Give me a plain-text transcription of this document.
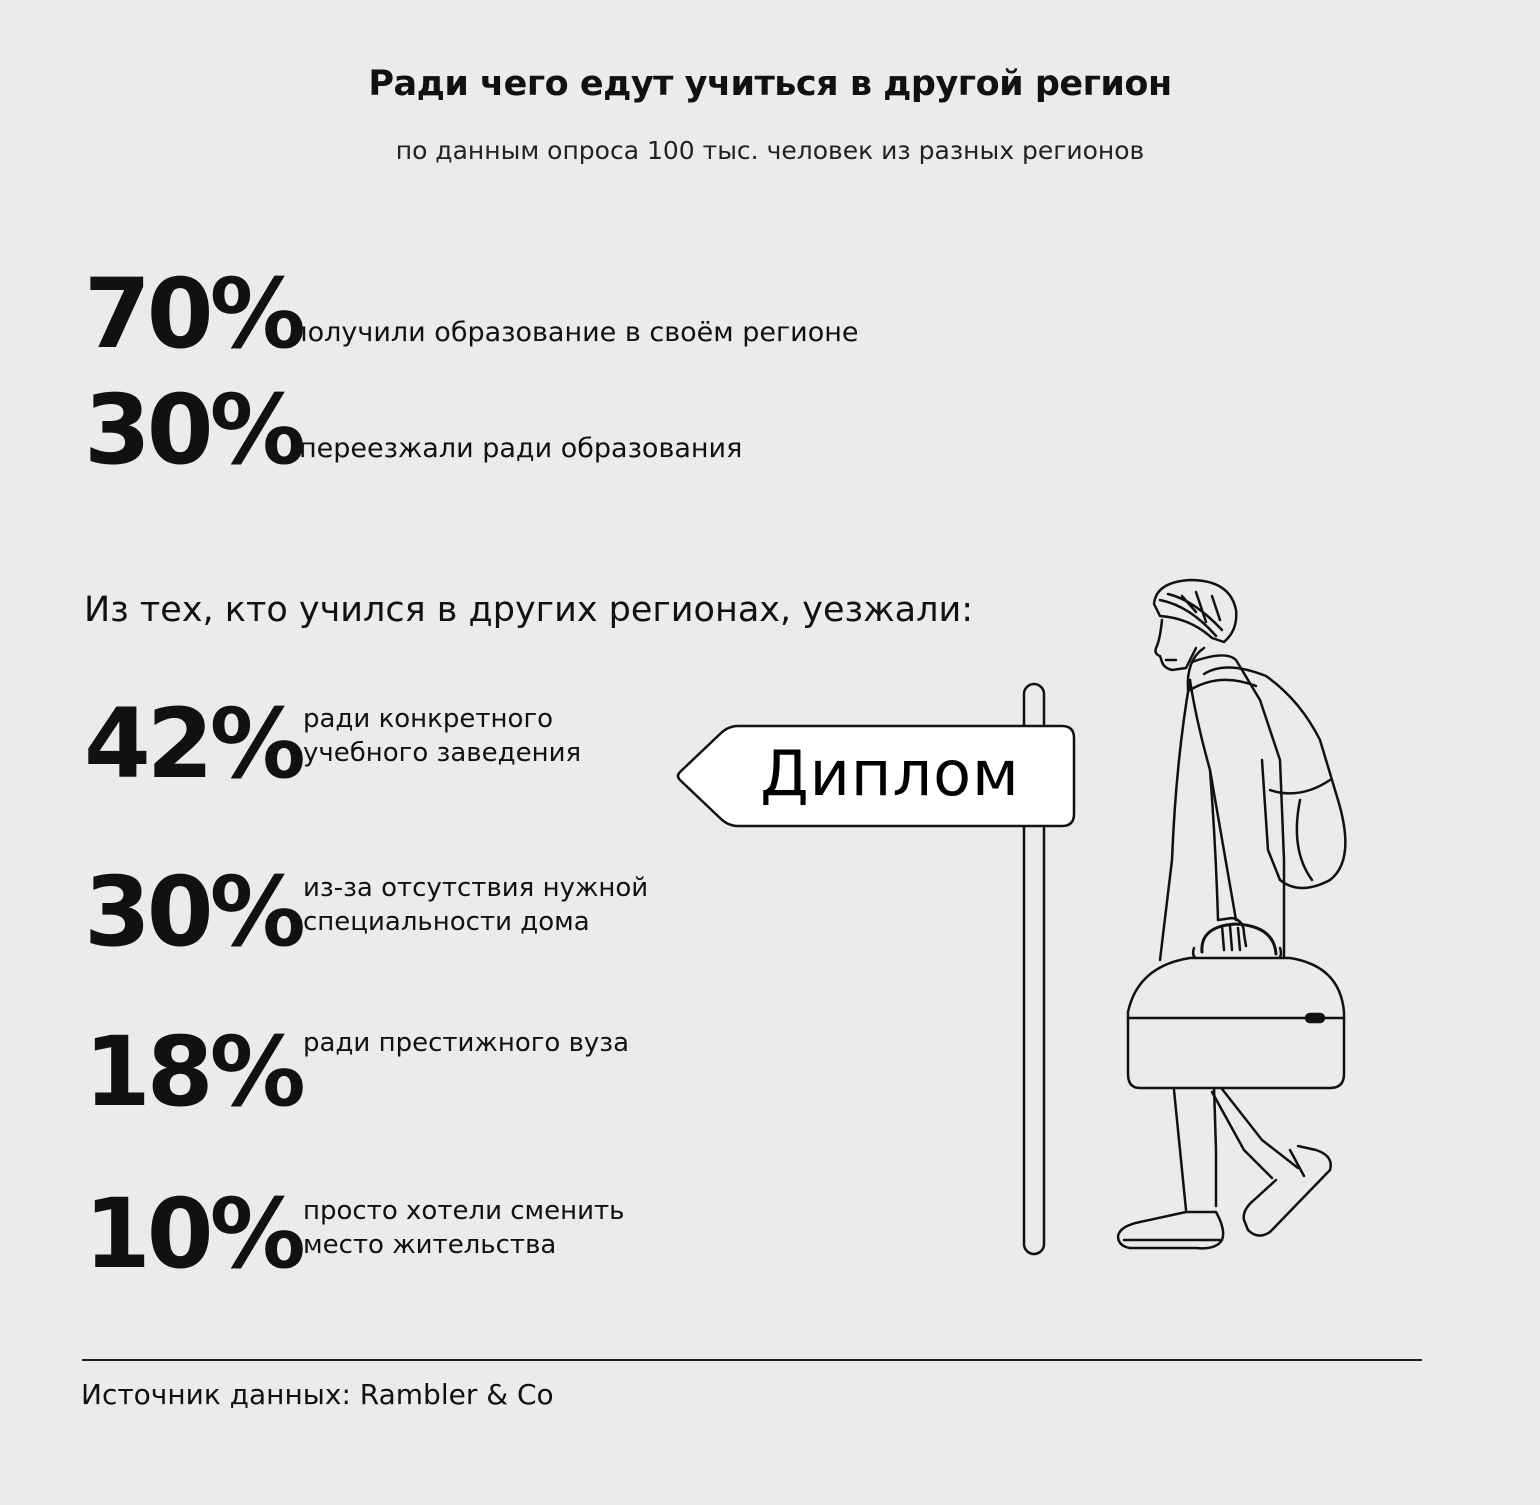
Ради чего едут учиться в другой регион
по данным опроса 100 тыс. человек из разных регионов
70%
получили образование в своём регионе
30%
переезжали ради образования
Из тех, кто учился в других регионах, уезжали:
42% ради конкретного
учебного заведения
30% из-за отсутствия нужной
специальности дома
18% ради престижного вуза
10% просто хотели сменить
место жительства
Диплом
Источник данных: Rambler & Co
